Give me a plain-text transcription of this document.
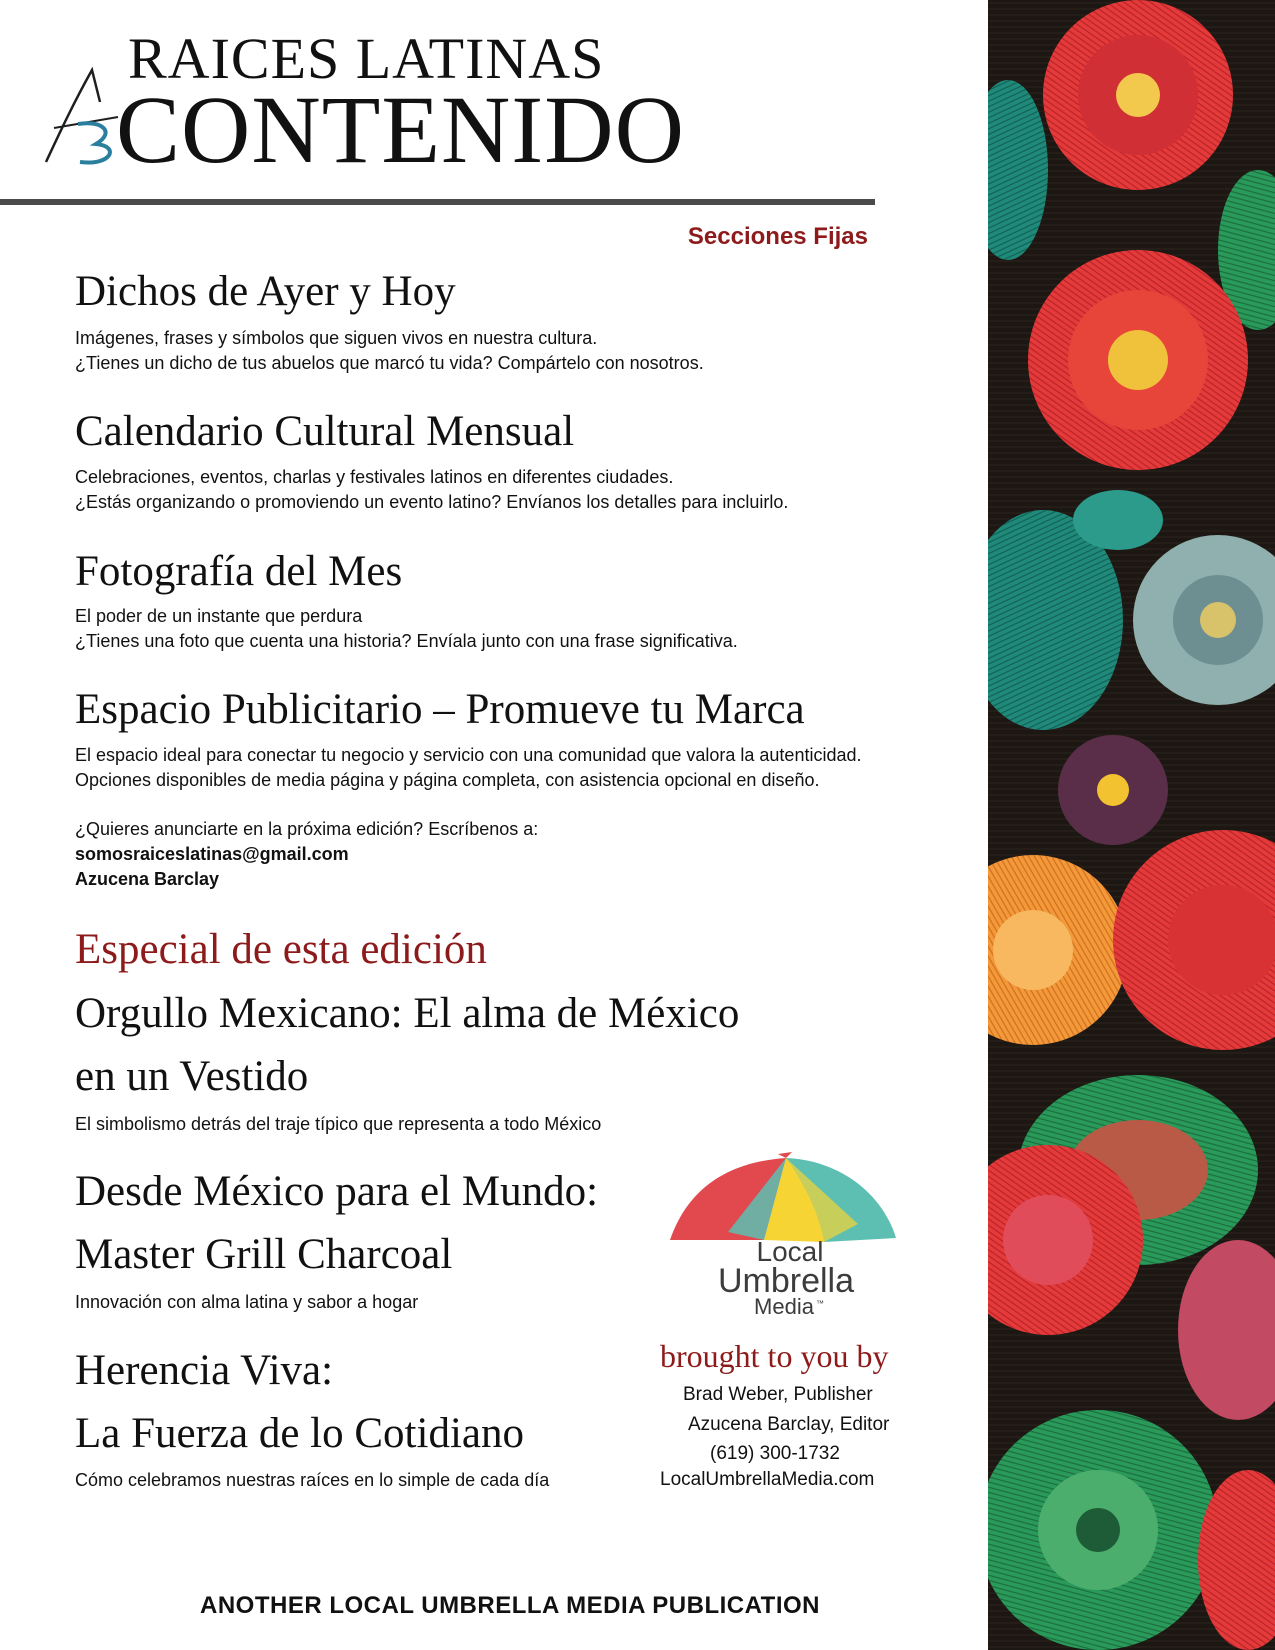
RAICES LATINAS
CONTENIDO
Secciones Fijas
Dichos de Ayer y Hoy
Imágenes, frases y símbolos que siguen vivos en nuestra cultura.
¿Tienes un dicho de tus abuelos que marcó tu vida? Compártelo con nosotros.
Calendario Cultural Mensual
Celebraciones, eventos, charlas y festivales latinos en diferentes ciudades.
¿Estás organizando o promoviendo un evento latino? Envíanos los detalles para incluirlo.
Fotografía del Mes
El poder de un instante que perdura
¿Tienes una foto que cuenta una historia? Envíala junto con una frase significativa.
Espacio Publicitario – Promueve tu Marca
El espacio ideal para conectar tu negocio y servicio con una comunidad que valora la autenticidad.
Opciones disponibles de media página y página completa, con asistencia opcional en diseño.
¿Quieres anunciarte en la próxima edición? Escríbenos a:
somosraiceslatinas@gmail.com
Azucena Barclay
Especial de esta edición
Orgullo Mexicano: El alma de México
en un Vestido
El simbolismo detrás del traje típico que representa a todo México
Desde México para el Mundo:
Master Grill Charcoal
Innovación con alma latina y sabor a hogar
Herencia Viva:
La Fuerza de lo Cotidiano
Cómo celebramos nuestras raíces en lo simple de cada día
Local
Umbrella
Media ™
brought to you by
Brad Weber, Publisher
Azucena Barclay, Editor
(619) 300-1732
LocalUmbrellaMedia.com
ANOTHER LOCAL UMBRELLA MEDIA PUBLICATION
